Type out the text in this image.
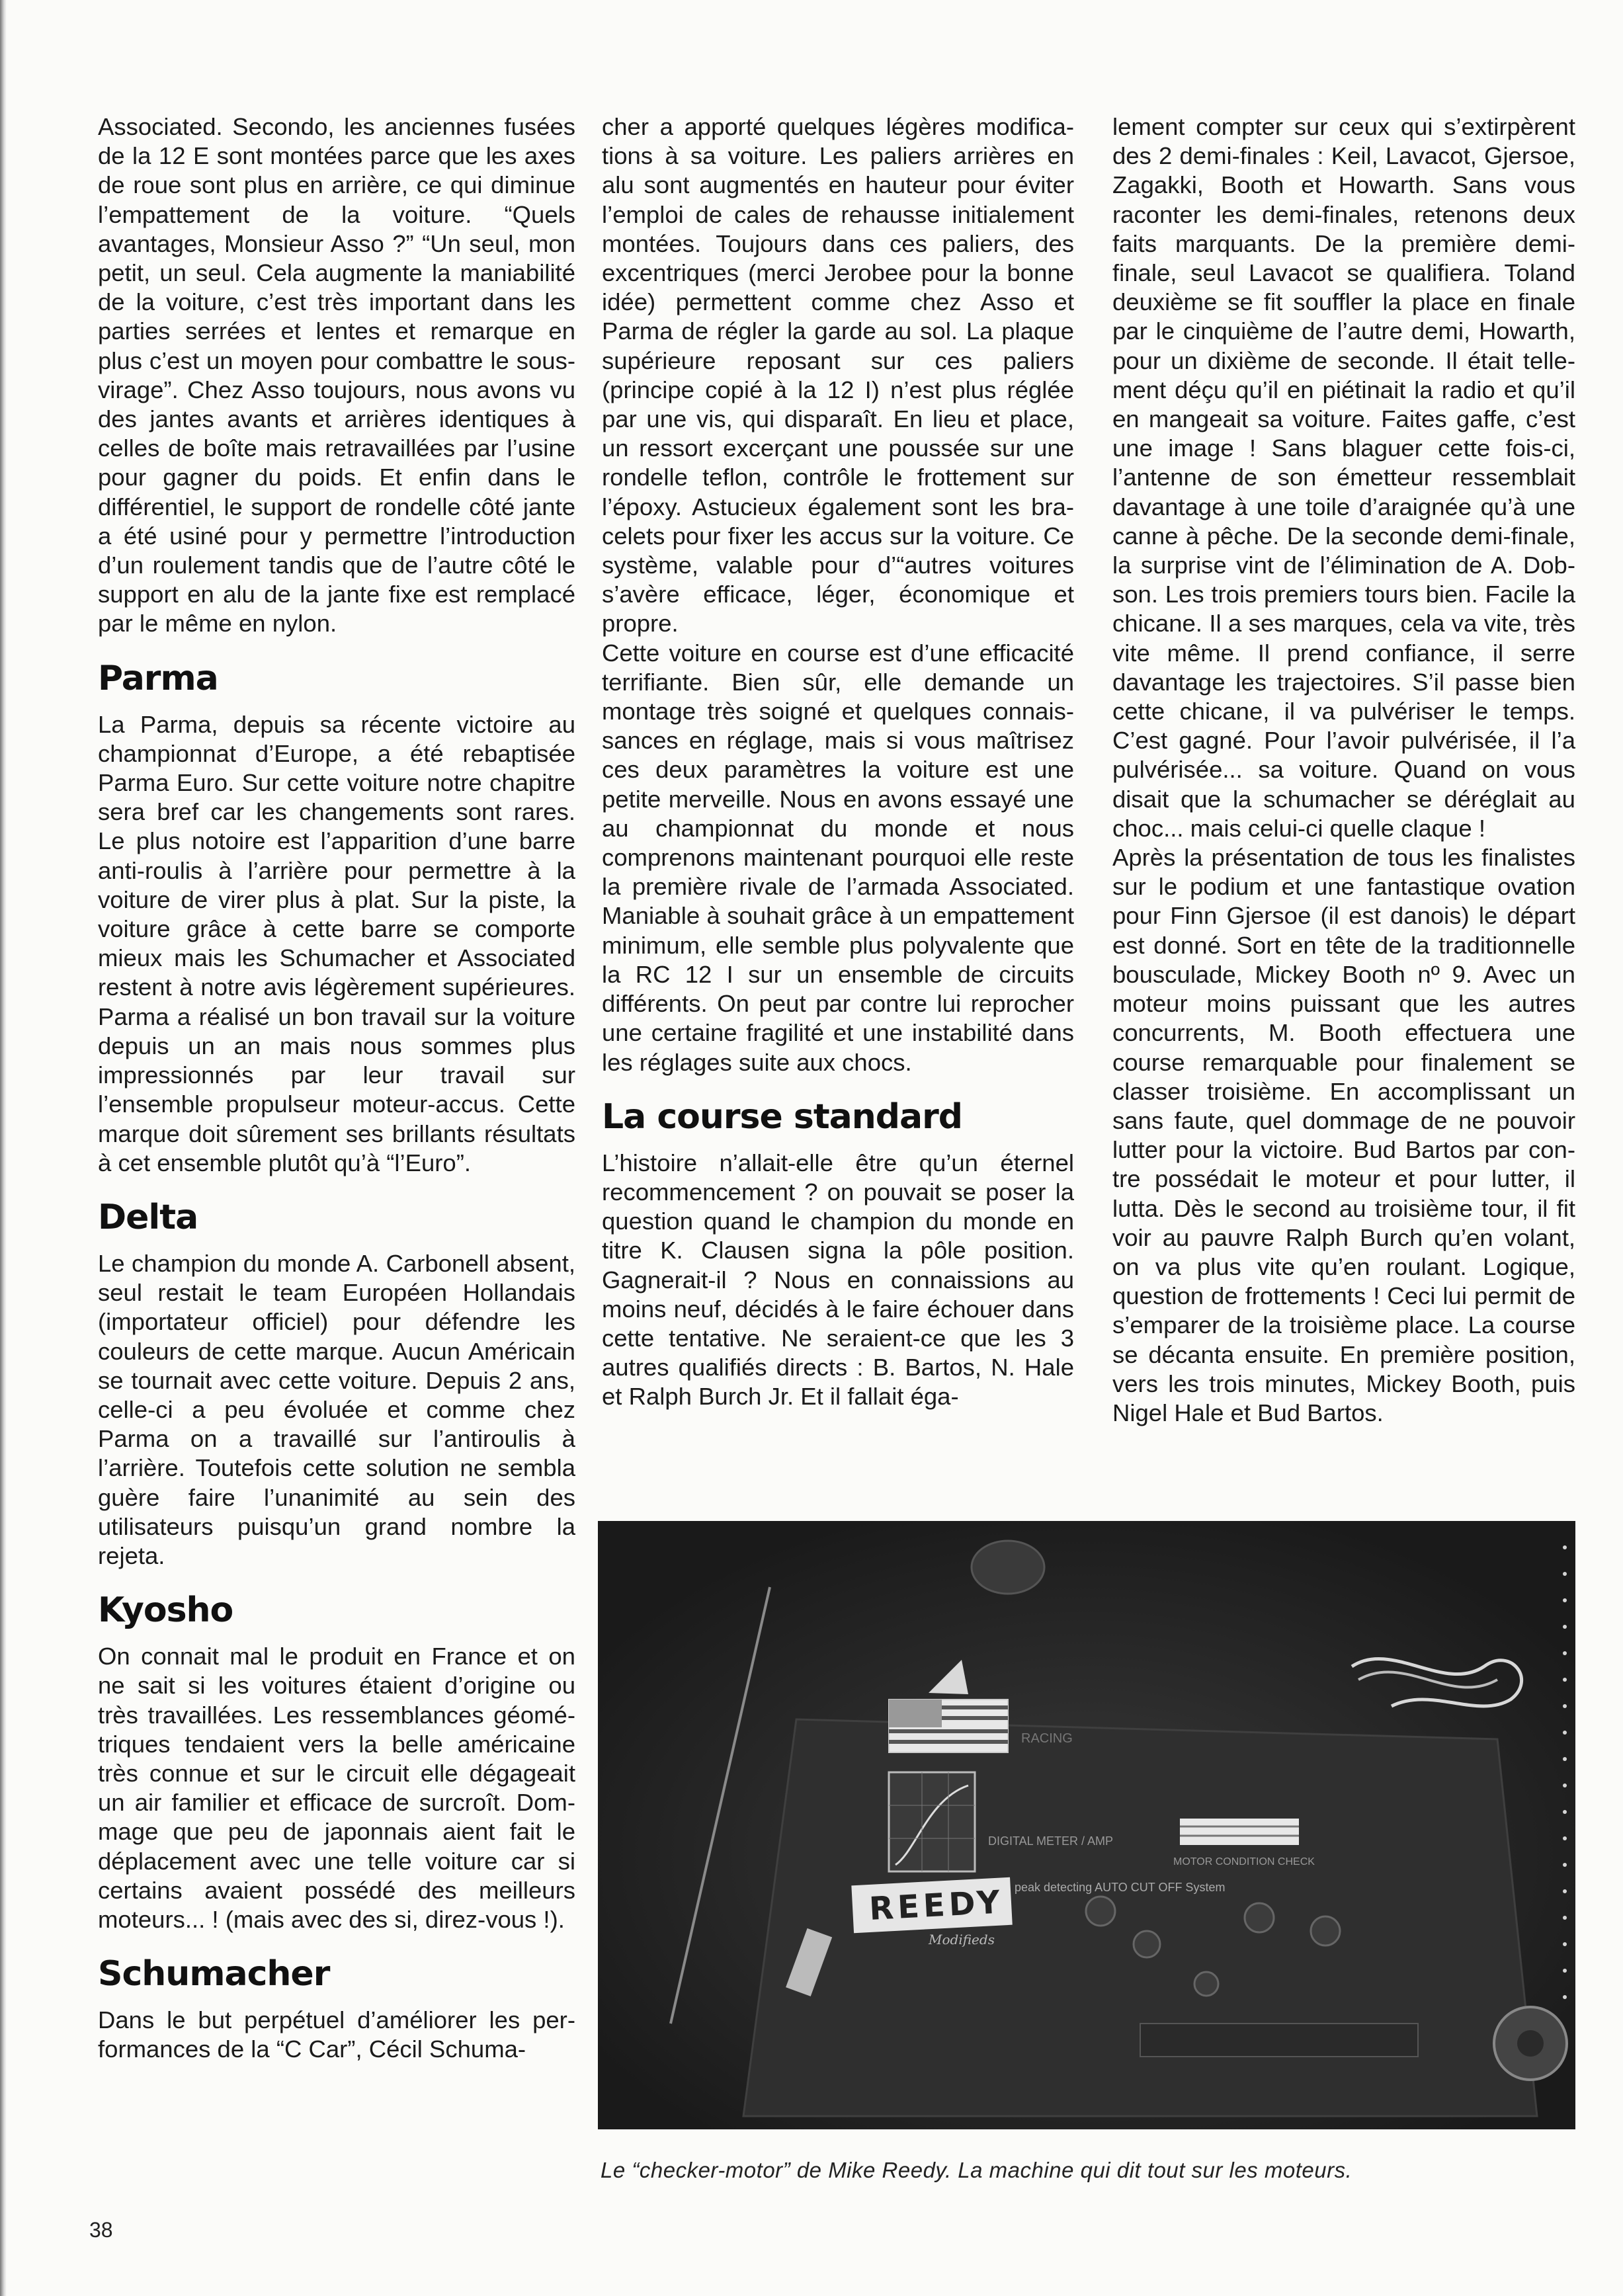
Associated. Secondo, les anciennes fusées de la 12 E sont montées parce que les axes de roue sont plus en arrière, ce qui diminue l’empattement de la voiture. “Quels avantages, Monsieur Asso ?” “Un seul, mon petit, un seul. Cela augmente la maniabilité de la voiture, c’est très important dans les parties serrées et lentes et remarque en plus c’est un moyen pour combattre le sous-virage”. Chez Asso toujours, nous avons vu des jantes avants et arrières identiques à celles de boîte mais retravaillées par l’usine pour gagner du poids. Et enfin dans le différentiel, le support de rondelle côté jante a été usiné pour y permettre l’introduction d’un roulement tandis que de l’autre côté le support en alu de la jante fixe est remplacé par le même en nylon.

Parma

La Parma, depuis sa récente victoire au championnat d’Europe, a été rebaptisée Parma Euro. Sur cette voiture notre chapitre sera bref car les changements sont rares. Le plus notoire est l’apparition d’une barre anti-roulis à l’arrière pour permettre à la voiture de virer plus à plat. Sur la piste, la voiture grâce à cette barre se comporte mieux mais les Schumacher et Associated restent à notre avis légèrement supérieures. Parma a réalisé un bon travail sur la voiture depuis un an mais nous sommes plus impressionnés par leur travail sur l’ensemble propulseur moteur-accus. Cette marque doit sûrement ses brillants résultats à cet ensemble plutôt qu’à “l’Euro”.

Delta

Le champion du monde A. Carbonell absent, seul restait le team Européen Hollandais (importateur officiel) pour défendre les couleurs de cette marque. Aucun Américain se tournait avec cette voiture. Depuis 2 ans, celle-ci a peu évoluée et comme chez Parma on a travaillé sur l’antiroulis à l’arrière. Toutefois cette solution ne sembla guère faire l’unanimité au sein des utilisateurs puisqu’un grand nombre la rejeta.

Kyosho

On connait mal le produit en France et on ne sait si les voitures étaient d’origine ou très travaillées. Les ressemblances géométriques tendaient vers la belle américaine très connue et sur le circuit elle dégageait un air familier et efficace de surcroît. Dommage que peu de japonnais aient fait le déplacement avec une telle voiture car si certains avaient possédé des meilleurs moteurs... ! (mais avec des si, direz-vous !).

Schumacher

Dans le but perpétuel d’améliorer les performances de la “C Car”, Cécil Schuma-

cher a apporté quelques légères modifications à sa voiture. Les paliers arrières en alu sont augmentés en hauteur pour éviter l’emploi de cales de rehausse initialement montées. Toujours dans ces paliers, des excentriques (merci Jerobee pour la bonne idée) permettent comme chez Asso et Parma de régler la garde au sol. La plaque supérieure reposant sur ces paliers (principe copié à la 12 I) n’est plus réglée par une vis, qui disparaît. En lieu et place, un ressort excerçant une poussée sur une rondelle teflon, contrôle le frottement sur l’époxy. Astucieux également sont les bracelets pour fixer les accus sur la voiture. Ce système, valable pour d’“autres voitures s’avère efficace, léger, économique et propre.

Cette voiture en course est d’une efficacité terrifiante. Bien sûr, elle demande un montage très soigné et quelques connaissances en réglage, mais si vous maîtrisez ces deux paramètres la voiture est une petite merveille. Nous en avons essayé une au championnat du monde et nous comprenons maintenant pourquoi elle reste la première rivale de l’armada Associated. Maniable à souhait grâce à un empattement minimum, elle semble plus polyvalente que la RC 12 I sur un ensemble de circuits différents. On peut par contre lui reprocher une certaine fragilité et une instabilité dans les réglages suite aux chocs.

La course standard

L’histoire n’allait-elle être qu’un éternel recommencement ? on pouvait se poser la question quand le champion du monde en titre K. Clausen signa la pôle position. Gagnerait-il ? Nous en connaissions au moins neuf, décidés à le faire échouer dans cette tentative. Ne seraient-ce que les 3 autres qualifiés directs : B. Bartos, N. Hale et Ralph Burch Jr. Et il fallait éga-

lement compter sur ceux qui s’extirpèrent des 2 demi-finales : Keil, Lavacot, Gjersoe, Zagakki, Booth et Howarth. Sans vous raconter les demi-finales, retenons deux faits marquants. De la première demi-finale, seul Lavacot se qualifiera. Toland deuxième se fit souffler la place en finale par le cinquième de l’autre demi, Howarth, pour un dixième de seconde. Il était tellement déçu qu’il en piétinait la radio et qu’il en mangeait sa voiture. Faites gaffe, c’est une image ! Sans blaguer cette fois-ci, l’antenne de son émetteur ressemblait davantage à une toile d’araignée qu’à une canne à pêche. De la seconde demi-finale, la surprise vint de l’élimination de A. Dobson. Les trois premiers tours bien. Facile la chicane. Il a ses marques, cela va vite, très vite même. Il prend confiance, il serre davantage les trajectoires. S’il passe bien cette chicane, il va pulvériser le temps. C’est gagné. Pour l’avoir pulvérisée, il l’a pulvérisée... sa voiture. Quand on vous disait que la schumacher se déréglait au choc... mais celui-ci quelle claque !

Après la présentation de tous les finalistes sur le podium et une fantastique ovation pour Finn Gjersoe (il est danois) le départ est donné. Sort en tête de la traditionnelle bousculade, Mickey Booth nº 9. Avec un moteur moins puissant que les autres concurrents, M. Booth effectuera une course remarquable pour finalement se classer troisième. En accomplissant un sans faute, quel dommage de ne pouvoir lutter pour la victoire. Bud Bartos par contre possédait le moteur et pour lutter, il lutta. Dès le second au troisième tour, il fit voir au pauvre Ralph Burch qu’en volant, on va plus vite qu’en roulant. Logique, question de frottements ! Ceci lui permit de s’emparer de la troisième place. La course se décanta ensuite. En première position, vers les trois minutes, Mickey Booth, puis Nigel Hale et Bud Bartos.

RACING
DIGITAL METER / AMP
REEDY
Modifieds
peak detecting AUTO CUT OFF System
MOTOR CONDITION CHECK
Le “checker-motor” de Mike Reedy. La machine qui dit tout sur les moteurs.
38
